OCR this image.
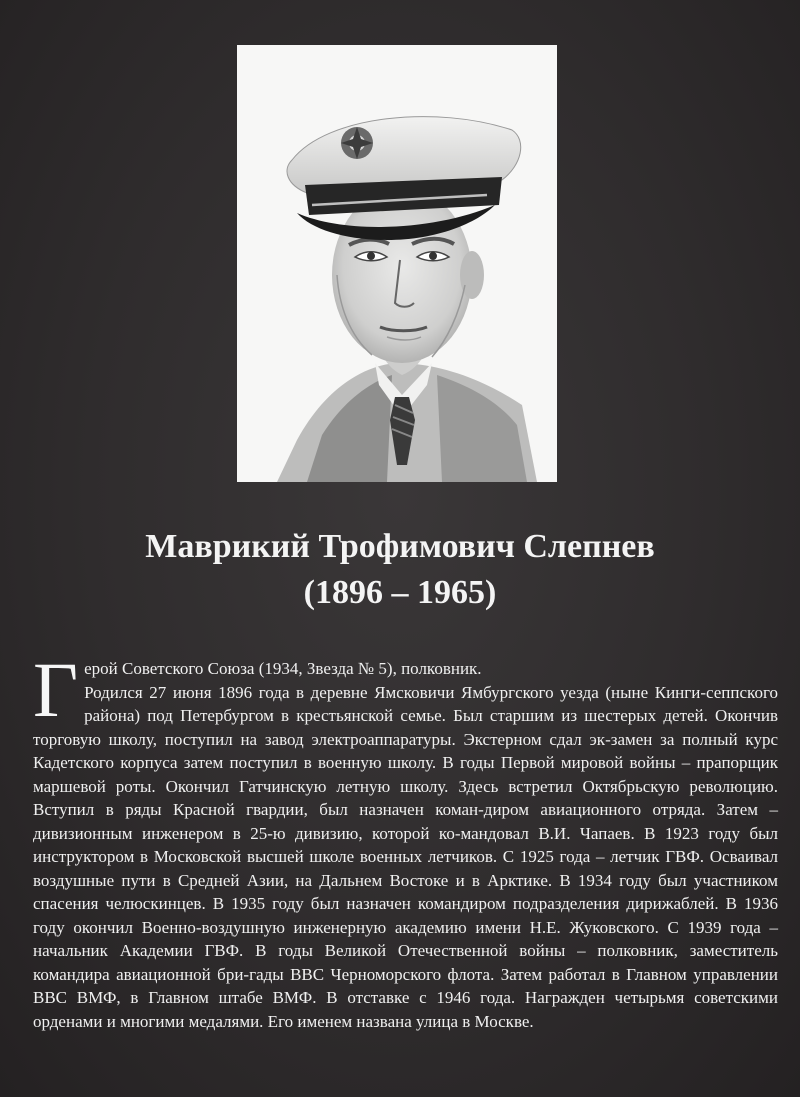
Маврикий Трофимович Слепнев
(1896 – 1965)
Г ерой Советского Союза (1934, Звезда № 5), полковник.

Родился 27 июня 1896 года в деревне Ямсковичи Ямбургского уезда (ныне Кинги-сеппского района) под Петербургом в крестьянской семье. Был старшим из шестерых детей. Окончив торговую школу, поступил на завод электроаппаратуры. Экстерном сдал эк-замен за полный курс Кадетского корпуса затем поступил в военную школу. В годы Первой мировой войны – прапорщик маршевой роты. Окончил Гатчинскую летную школу. Здесь встретил Октябрьскую революцию. Вступил в ряды Красной гвардии, был назначен коман-диром авиационного отряда. Затем – дивизионным инженером в 25-ю дивизию, которой ко-мандовал В.И. Чапаев. В 1923 году был инструктором в Московской высшей школе военных летчиков. С 1925 года – летчик ГВФ. Осваивал воздушные пути в Средней Азии, на Дальнем Востоке и в Арктике. В 1934 году был участником спасения челюскинцев. В 1935 году был назначен командиром подразделения дирижаблей. В 1936 году окончил Военно-воздушную инженерную академию имени Н.Е. Жуковского. С 1939 года – начальник Академии ГВФ. В годы Великой Отечественной войны – полковник, заместитель командира авиационной бри-гады ВВС Черноморского флота. Затем работал в Главном управлении ВВС ВМФ, в Главном штабе ВМФ. В отставке с 1946 года. Награжден четырьмя советскими орденами и многими медалями. Его именем названа улица в Москве.
